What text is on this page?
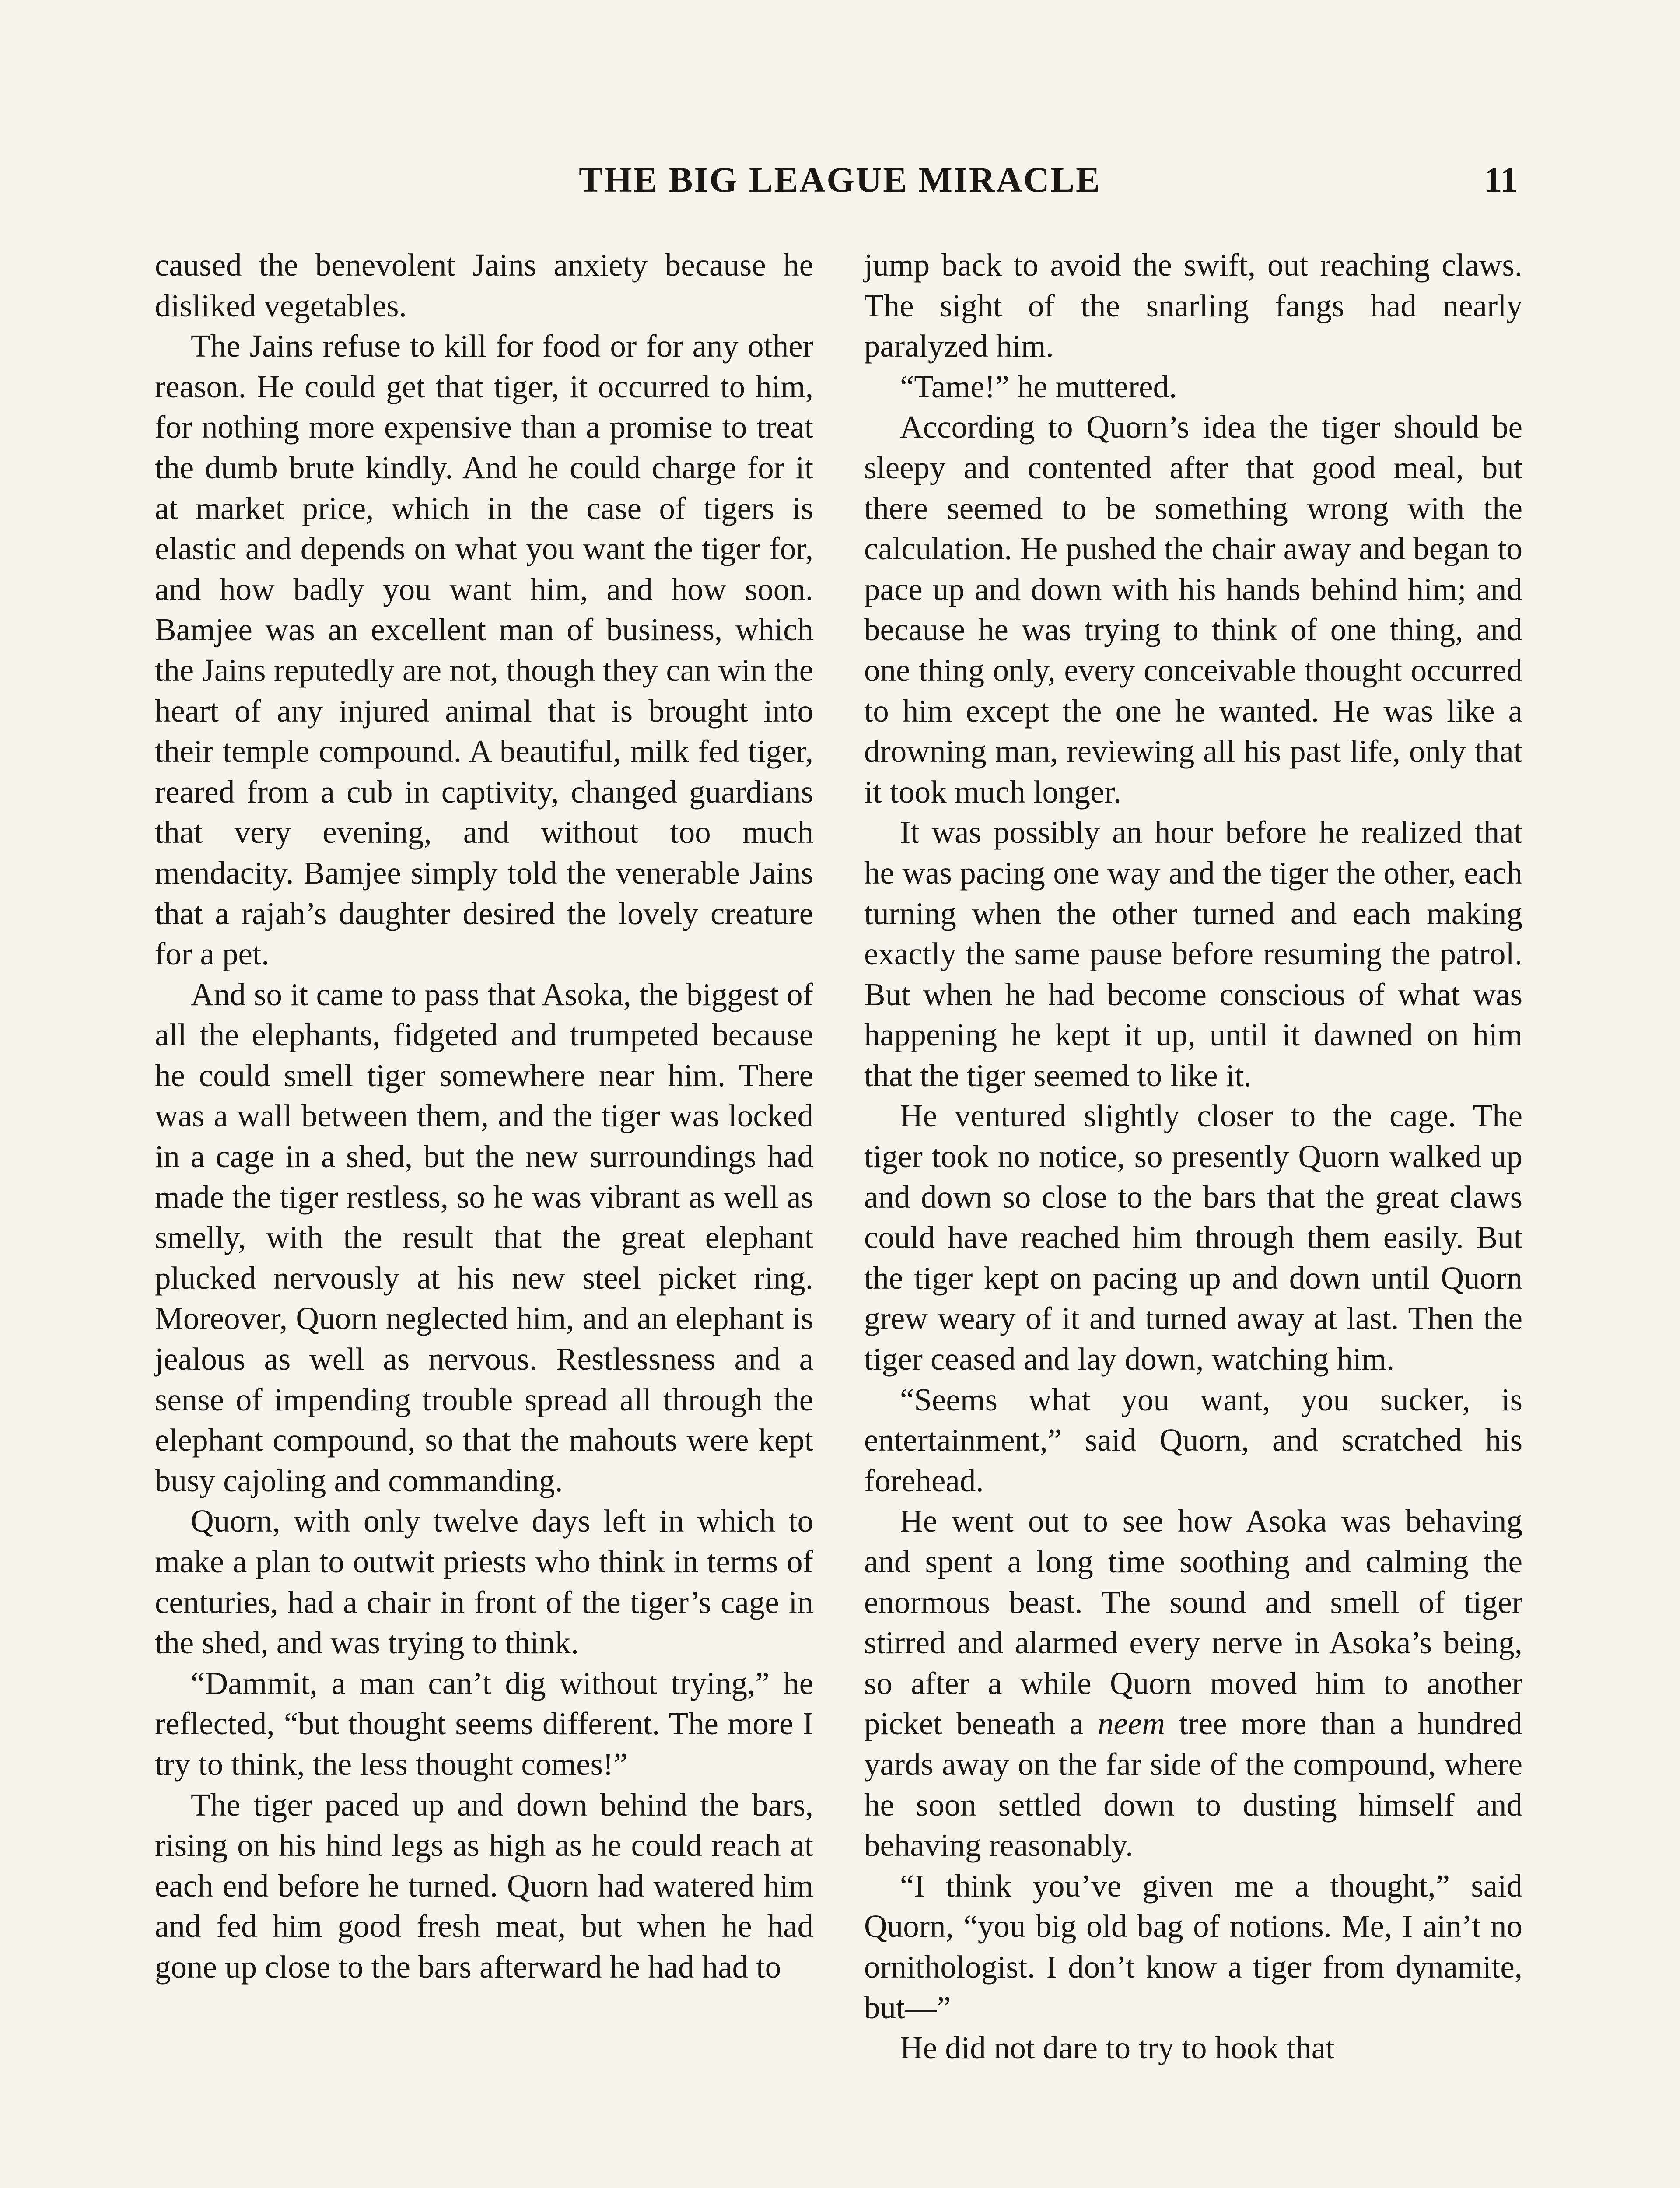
THE BIG LEAGUE MIRACLE	11

caused the benevolent Jains anxiety because he disliked vegetables.

The Jains refuse to kill for food or for any other reason. He could get that tiger, it occurred to him, for nothing more expensive than a promise to treat the dumb brute kindly. And he could charge for it at market price, which in the case of tigers is elastic and depends on what you want the tiger for, and how badly you want him, and how soon. Bamjee was an excellent man of business, which the Jains reputedly are not, though they can win the heart of any injured animal that is brought into their temple compound. A beautiful, milk fed tiger, reared from a cub in captivity, changed guardians that very evening, and without too much mendacity. Bamjee simply told the venerable Jains that a rajah’s daughter desired the lovely creature for a pet.

And so it came to pass that Asoka, the biggest of all the elephants, fidgeted and trumpeted because he could smell tiger somewhere near him. There was a wall between them, and the tiger was locked in a cage in a shed, but the new surroundings had made the tiger restless, so he was vibrant as well as smelly, with the result that the great elephant plucked nervously at his new steel picket ring. Moreover, Quorn neglected him, and an elephant is jealous as well as nervous. Restlessness and a sense of impending trouble spread all through the elephant compound, so that the mahouts were kept busy cajoling and commanding.

Quorn, with only twelve days left in which to make a plan to outwit priests who think in terms of centuries, had a chair in front of the tiger’s cage in the shed, and was trying to think.

“Dammit, a man can’t dig without trying,” he reflected, “but thought seems different. The more I try to think, the less thought comes!”

The tiger paced up and down behind the bars, rising on his hind legs as high as he could reach at each end before he turned. Quorn had watered him and fed him good fresh meat, but when he had gone up close to the bars afterward he had had to

jump back to avoid the swift, out reaching claws. The sight of the snarling fangs had nearly paralyzed him.

“Tame!” he muttered.

According to Quorn’s idea the tiger should be sleepy and contented after that good meal, but there seemed to be something wrong with the calculation. He pushed the chair away and began to pace up and down with his hands behind him; and because he was trying to think of one thing, and one thing only, every conceivable thought occurred to him except the one he wanted. He was like a drowning man, reviewing all his past life, only that it took much longer.

It was possibly an hour before he realized that he was pacing one way and the tiger the other, each turning when the other turned and each making exactly the same pause before resuming the patrol. But when he had become conscious of what was happening he kept it up, until it dawned on him that the tiger seemed to like it.

He ventured slightly closer to the cage. The tiger took no notice, so presently Quorn walked up and down so close to the bars that the great claws could have reached him through them easily. But the tiger kept on pacing up and down until Quorn grew weary of it and turned away at last. Then the tiger ceased and lay down, watching him.

“Seems what you want, you sucker, is entertainment,” said Quorn, and scratched his forehead.

He went out to see how Asoka was behaving and spent a long time soothing and calming the enormous beast. The sound and smell of tiger stirred and alarmed every nerve in Asoka’s being, so after a while Quorn moved him to another picket beneath a neem tree more than a hundred yards away on the far side of the compound, where he soon settled down to dusting himself and behaving reasonably.

“I think you’ve given me a thought,” said Quorn, “you big old bag of notions. Me, I ain’t no ornithologist. I don’t know a tiger from dynamite, but—”

He did not dare to try to hook that
